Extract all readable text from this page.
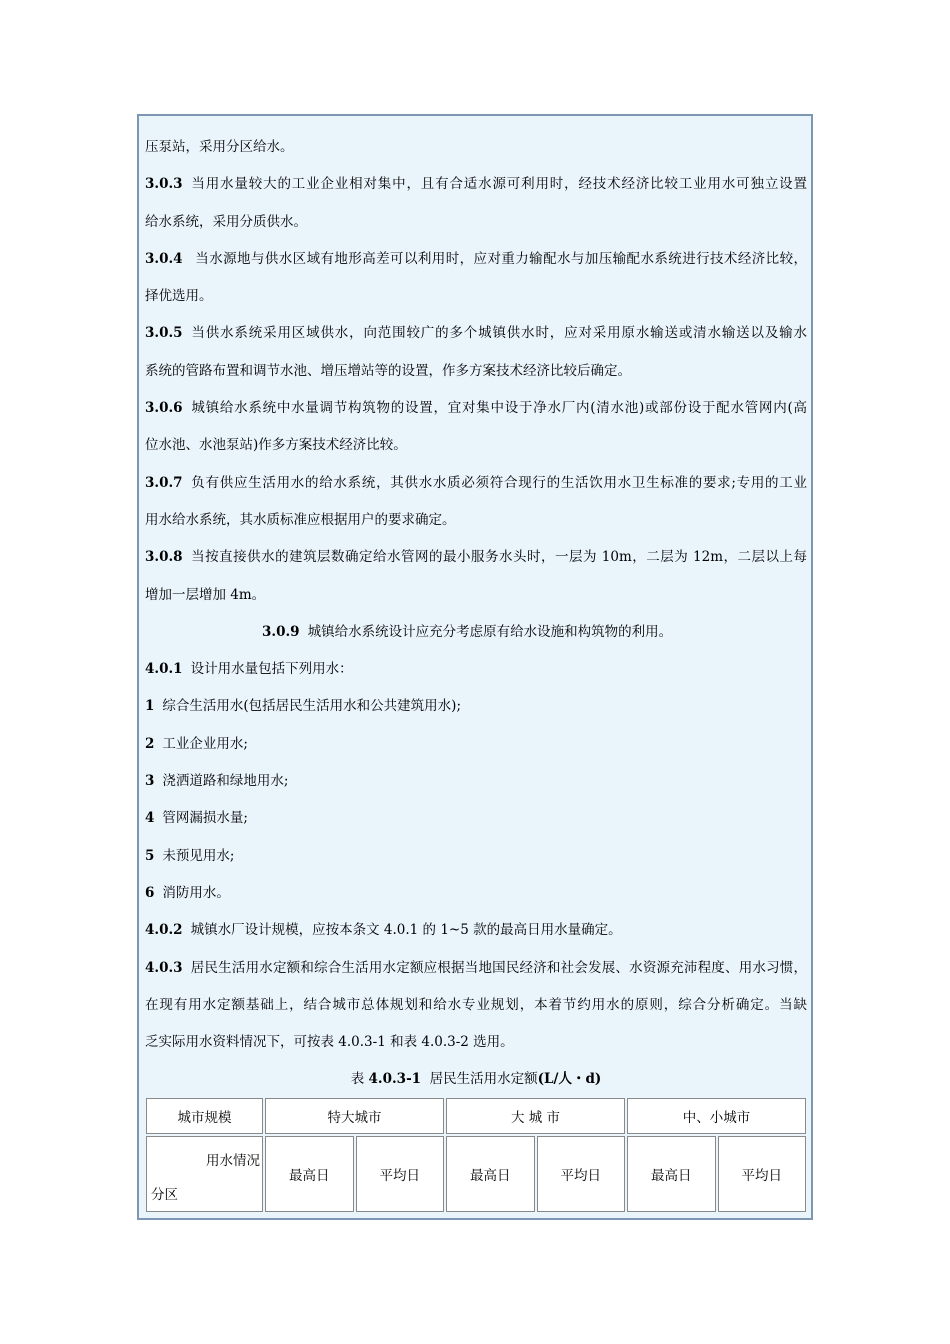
压泵站，采用分区给水。

3.0.3 当用水量较大的工业企业相对集中，且有合适水源可利用时，经技术经济比较工业用水可独立设置

给水系统，采用分质供水。

3.0.4 当水源地与供水区域有地形高差可以利用时，应对重力输配水与加压输配水系统进行技术经济比较，

择优选用。

3.0.5 当供水系统采用区域供水，向范围较广的多个城镇供水时，应对采用原水输送或清水输送以及输水

系统的管路布置和调节水池、增压增站等的设置，作多方案技术经济比较后确定。

3.0.6 城镇给水系统中水量调节构筑物的设置，宜对集中设于净水厂内(清水池)或部份设于配水管网内(高

位水池、水池泵站)作多方案技术经济比较。

3.0.7 负有供应生活用水的给水系统，其供水水质必须符合现行的生活饮用水卫生标准的要求;专用的工业

用水给水系统，其水质标准应根据用户的要求确定。

3.0.8 当按直接供水的建筑层数确定给水管网的最小服务水头时，一层为 10m，二层为 12m，二层以上每

增加一层增加 4m。

3.0.9 城镇给水系统设计应充分考虑原有给水设施和构筑物的利用。

4.0.1 设计用水量包括下列用水：

1 综合生活用水(包括居民生活用水和公共建筑用水);

2 工业企业用水;

3 浇洒道路和绿地用水;

4 管网漏损水量;

5 未预见用水;

6 消防用水。

4.0.2 城镇水厂设计规模，应按本条文 4.0.1 的 1~5 款的最高日用水量确定。

4.0.3 居民生活用水定额和综合生活用水定额应根据当地国民经济和社会发展、水资源充沛程度、用水习惯，

在现有用水定额基础上，结合城市总体规划和给水专业规划，本着节约用水的原则，综合分析确定。当缺

乏实际用水资料情况下，可按表 4.0.3-1 和表 4.0.3-2 选用。

表 4.0.3-1 居民生活用水定额(L/人・d)
城市规模	特大城市		大 城 市		中、小城市	

用水情况
分区	最高日	平均日	最高日	平均日	最高日	平均日
